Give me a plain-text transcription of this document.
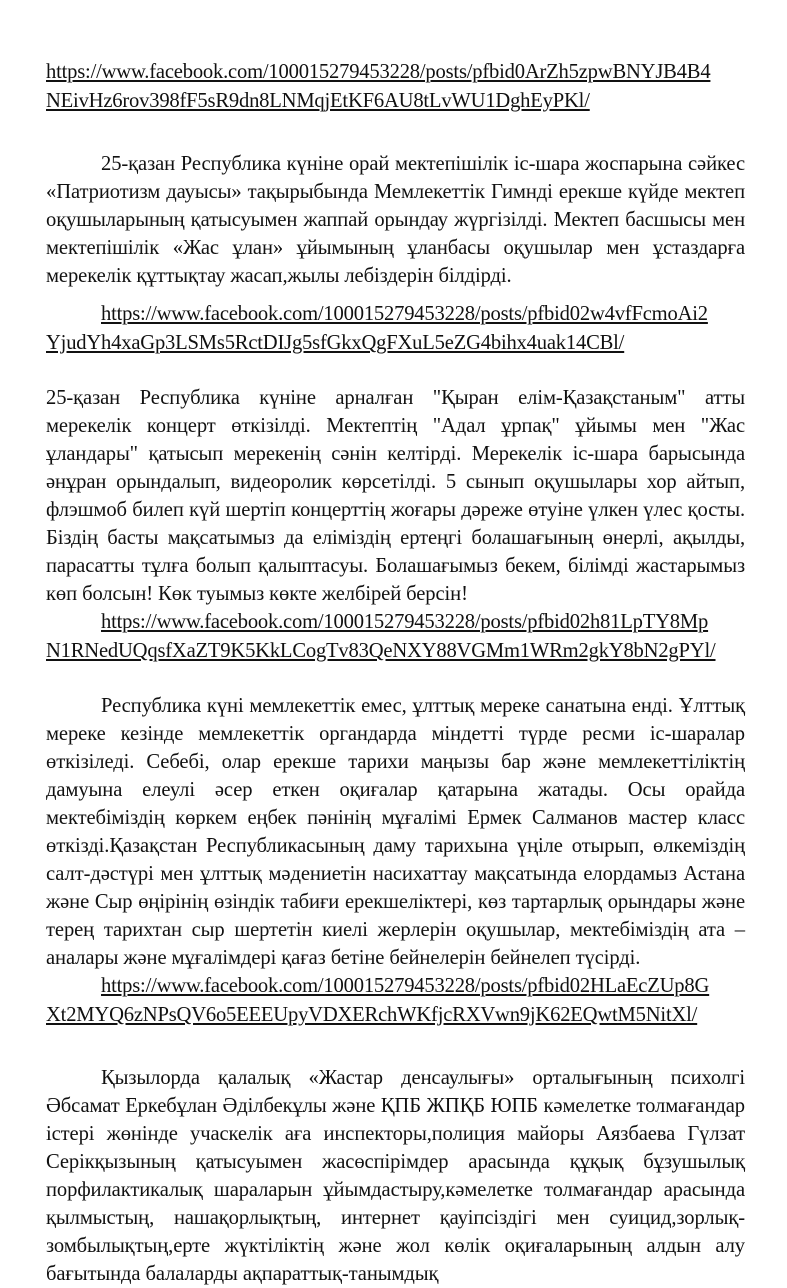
https://www.facebook.com/100015279453228/posts/pfbid0ArZh5zpwBNYJB4B4
NEivHz6rov398fF5sR9dn8LNMqjEtKF6AU8tLvWU1DghEyPKl/

25-қазан Республика күніне орай мектепішілік іс-шара жоспарына сәйкес «Патриотизм дауысы» тақырыбында Мемлекеттік Гимнді ерекше күйде мектеп оқушыларының қатысуымен жаппай орындау жүргізілді. Мектеп басшысы мен мектепішілік «Жас ұлан» ұйымының ұланбасы оқушылар мен ұстаздарға мерекелік құттықтау жасап,жылы лебіздерін білдірді.

https://www.facebook.com/100015279453228/posts/pfbid02w4vfFcmoAi2
YjudYh4xaGp3LSMs5RctDIJg5sfGkxQgFXuL5eZG4bihx4uak14CBl/

25-қазан Республика күніне арналған "Қыран елім-Қазақстаным" атты мерекелік концерт өткізілді. Мектептің "Адал ұрпақ" ұйымы мен "Жас ұландары" қатысып мерекенің сәнін келтірді. Мерекелік іс-шара барысында әнұран орындалып, видеоролик көрсетілді. 5 сынып оқушылары хор айтып, флэшмоб билеп күй шертіп концерттің жоғары дәреже өтуіне үлкен үлес қосты. Біздің басты мақсатымыз да еліміздің ертеңгі болашағының өнерлі, ақылды, парасатты тұлға болып қалыптасуы. Болашағымыз бекем, білімді жастарымыз көп болсын! Көк туымыз көкте желбірей берсін!

https://www.facebook.com/100015279453228/posts/pfbid02h81LpTY8Mp
N1RNedUQqsfXaZT9K5KkLCogTv83QeNXY88VGMm1WRm2gkY8bN2gPYl/

Республика күні мемлекеттік емес, ұлттық мереке санатына енді. Ұлттық мереке кезінде мемлекеттік органдарда міндетті түрде ресми іс-шаралар өткізіледі. Себебі, олар ерекше тарихи маңызы бар және мемлекеттіліктің дамуына елеулі әсер еткен оқиғалар қатарына жатады. Осы орайда мектебіміздің көркем еңбек пәнінің мұғалімі Ермек Салманов мастер класс өткізді.Қазақстан Республикасының даму тарихына үңіле отырып, өлкеміздің салт-дәстүрі мен ұлттық мәдениетін насихаттау мақсатында елордамыз Астана және Сыр өңірінің өзіндік табиғи ерекшеліктері, көз тартарлық орындары және терең тарихтан сыр шертетін киелі жерлерін оқушылар, мектебіміздің ата – аналары және мұғалімдері қағаз бетіне бейнелерін бейнелеп түсірді.

https://www.facebook.com/100015279453228/posts/pfbid02HLaEcZUp8G
Xt2MYQ6zNPsQV6o5EEEUpyVDXERchWKfjcRXVwn9jK62EQwtM5NitXl/

Қызылорда қалалық «Жастар денсаулығы» орталығының психолгі Әбсамат Еркебұлан Әділбекұлы және ҚПБ ЖПҚБ ЮПБ кәмелетке толмағандар істері жөнінде учаскелік аға инспекторы,полиция майоры Аязбаева Гүлзат Серікқызының қатысуымен жасөспірімдер арасында құқық бұзушылық порфилактикалық шараларын ұйымдастыру,кәмелетке толмағандар арасында қылмыстың, нашақорлықтың, интернет қауіпсіздігі мен суицид,зорлық-зомбылықтың,ерте жүктіліктің және жол көлік оқиғаларының алдын алу бағытында балаларды ақпараттық-танымдық
